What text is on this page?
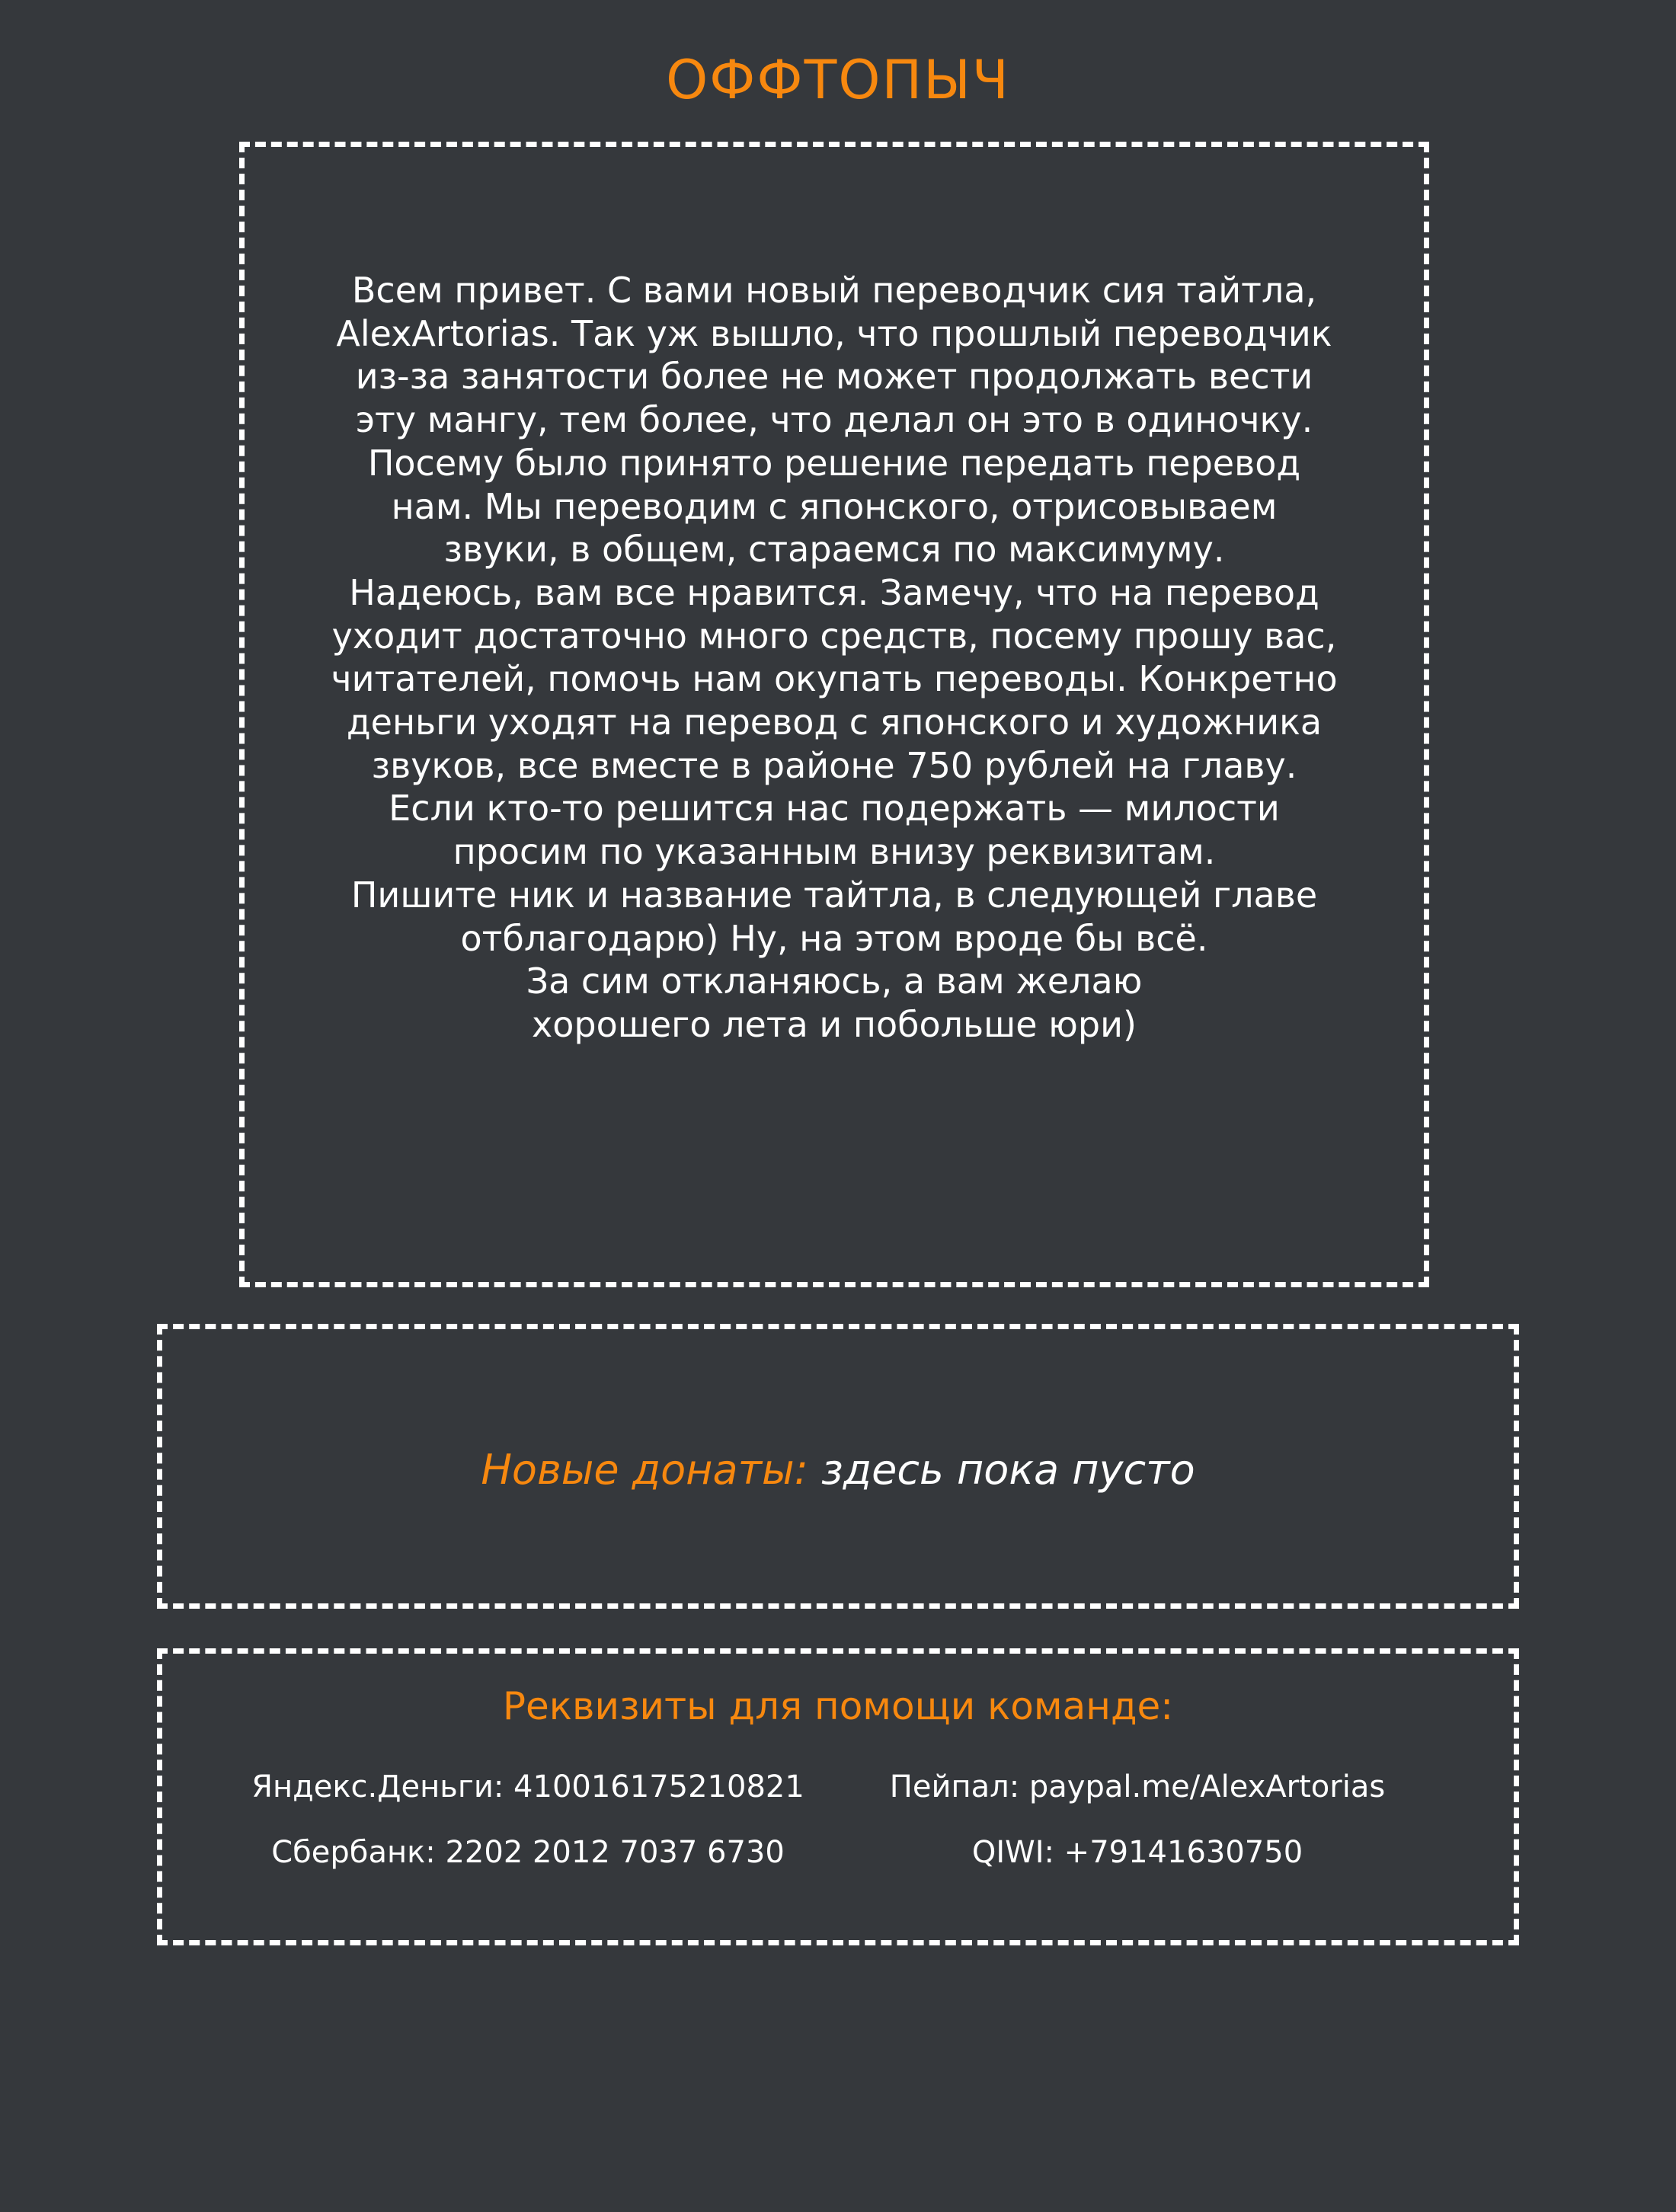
ОФФТОПЫЧ
Всем привет. С вами новый переводчик сия тайтла,
AlexArtorias. Так уж вышло, что прошлый переводчик
из-за занятости более не может продолжать вести
эту мангу, тем более, что делал он это в одиночку.
Посему было принято решение передать перевод
нам. Мы переводим с японского, отрисовываем
звуки, в общем, стараемся по максимуму.
Надеюсь, вам все нравится. Замечу, что на перевод
уходит достаточно много средств, посему прошу вас,
читателей, помочь нам окупать переводы. Конкретно
деньги уходят на перевод с японского и художника
звуков, все вместе в районе 750 рублей на главу.
Если кто-то решится нас подержать — милости
просим по указанным внизу реквизитам.
Пишите ник и название тайтла, в следующей главе
отблагодарю) Ну, на этом вроде бы всё.
За сим откланяюсь, а вам желаю
хорошего лета и побольше юри)
Новые донаты: здесь пока пусто
Реквизиты для помощи команде:
Яндекс.Деньги: 410016175210821	Пейпал: paypal.me/AlexArtorias
Сбербанк: 2202 2012 7037 6730	QIWI: +79141630750
